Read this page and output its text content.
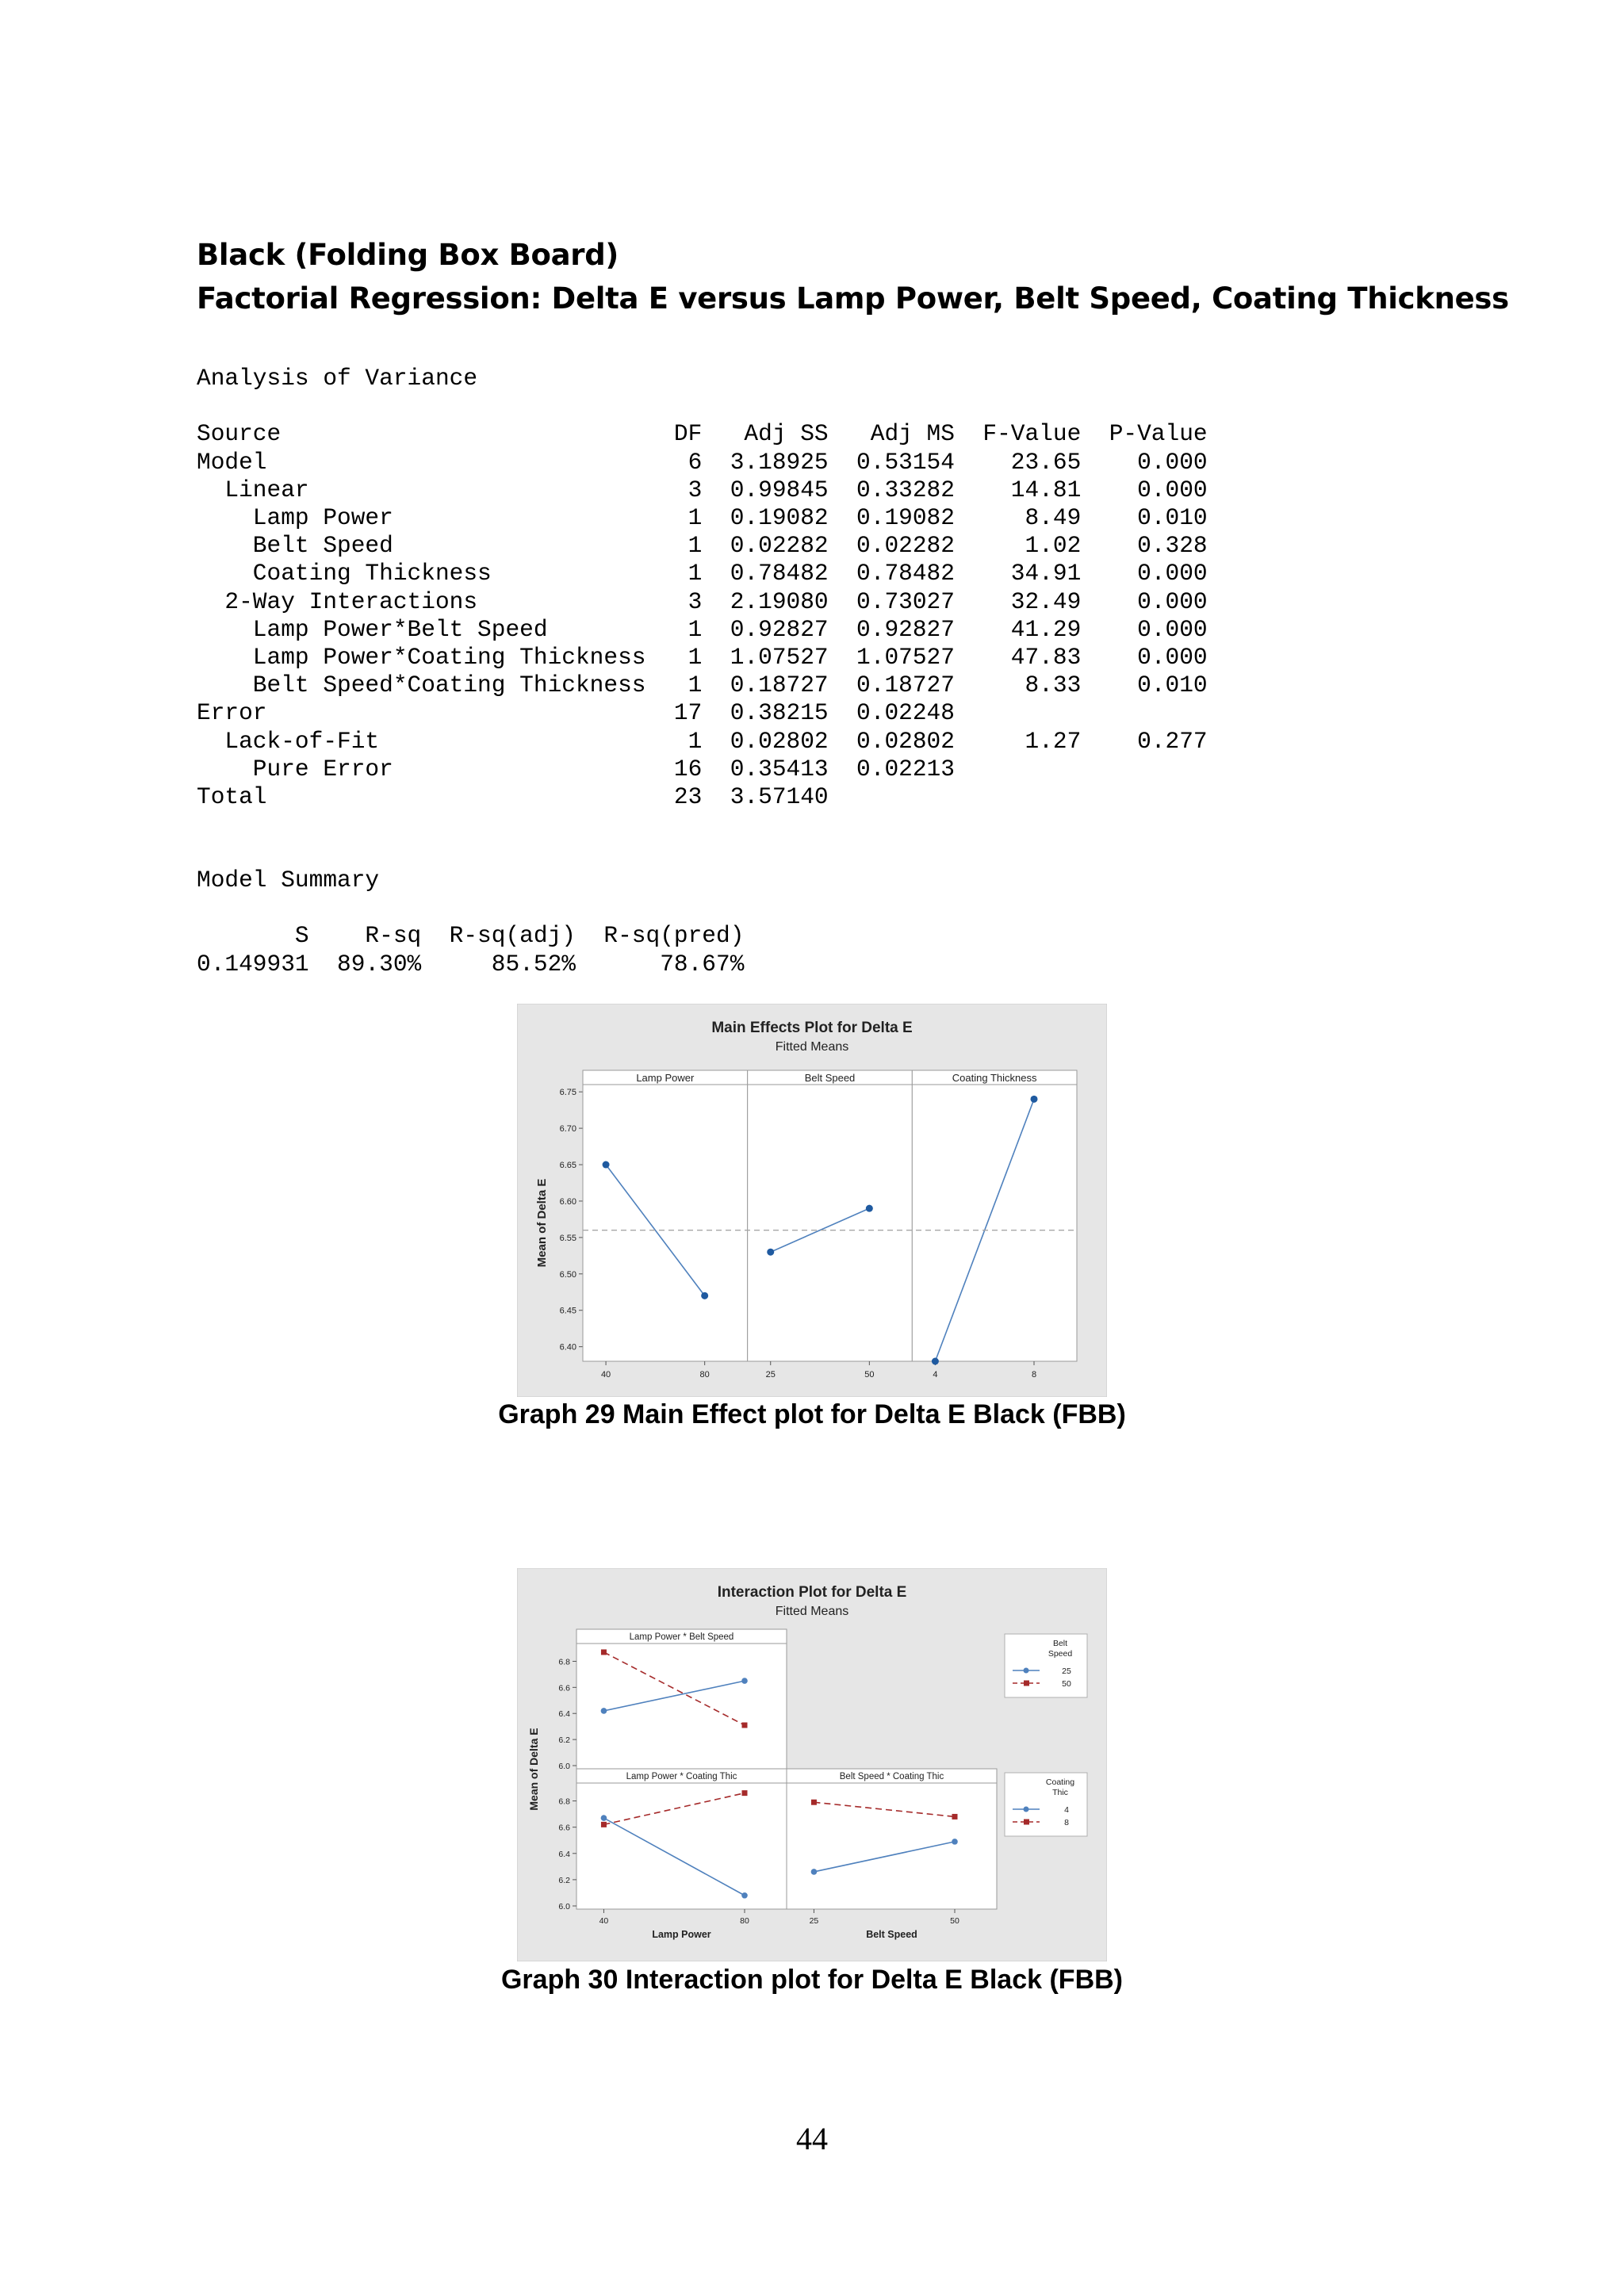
Black (Folding Box Board)
Factorial Regression: Delta E versus Lamp Power, Belt Speed, Coating Thickness
Analysis of Variance

Source                            DF   Adj SS   Adj MS  F-Value  P-Value
Model                              6  3.18925  0.53154    23.65    0.000
Linear                           3  0.99845  0.33282    14.81    0.000
Lamp Power                     1  0.19082  0.19082     8.49    0.010
Belt Speed                     1  0.02282  0.02282     1.02    0.328
Coating Thickness              1  0.78482  0.78482    34.91    0.000
2-Way Interactions               3  2.19080  0.73027    32.49    0.000
Lamp Power*Belt Speed          1  0.92827  0.92827    41.29    0.000
Lamp Power*Coating Thickness   1  1.07527  1.07527    47.83    0.000
Belt Speed*Coating Thickness   1  0.18727  0.18727     8.33    0.010
Error                             17  0.38215  0.02248
Lack-of-Fit                      1  0.02802  0.02802     1.27    0.277
Pure Error                    16  0.35413  0.02213
Total                             23  3.57140
Model Summary

S    R-sq  R-sq(adj)  R-sq(pred)
0.149931  89.30%     85.52%      78.67%
Main Effects Plot for Delta E
Fitted Means
6.75
6.70
6.65
6.60
6.55
6.50
6.45
6.40
Mean of Delta E
Lamp Power
40	80
Belt Speed
25	50
Coating Thickness
4	8
Graph 29 Main Effect plot for Delta E Black (FBB)
Interaction Plot for Delta E
Fitted Means
Mean of Delta E
Lamp Power * Belt Speed
6.8
6.6
6.4
6.2
6.0
Lamp Power * Coating Thic
6.8
6.6
6.4
6.2
6.0
40	80
Lamp Power
Belt Speed * Coating Thic
25	50
Belt Speed
Belt
Speed
25
50
Coating
Thic
4
8
Graph 30 Interaction plot for Delta E Black (FBB)
44
